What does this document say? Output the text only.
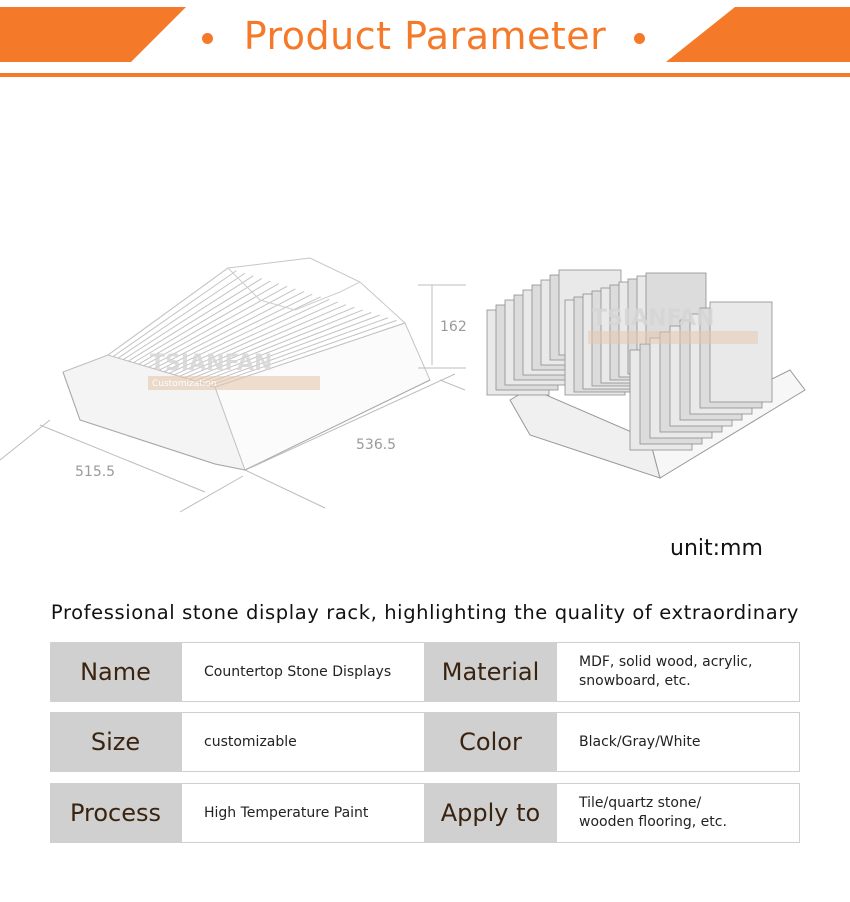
Product Parameter
162
536.5
515.5
TSIANFAN
Customization
TSIANFAN
unit:mm
Professional stone display rack, highlighting the quality of extraordinary
Name	Countertop Stone Displays	Material	MDF, solid wood, acrylic,
snowboard, etc.
Size	customizable	Color	Black/Gray/White
Process	High Temperature Paint	Apply to	Tile/quartz stone/
wooden flooring, etc.
